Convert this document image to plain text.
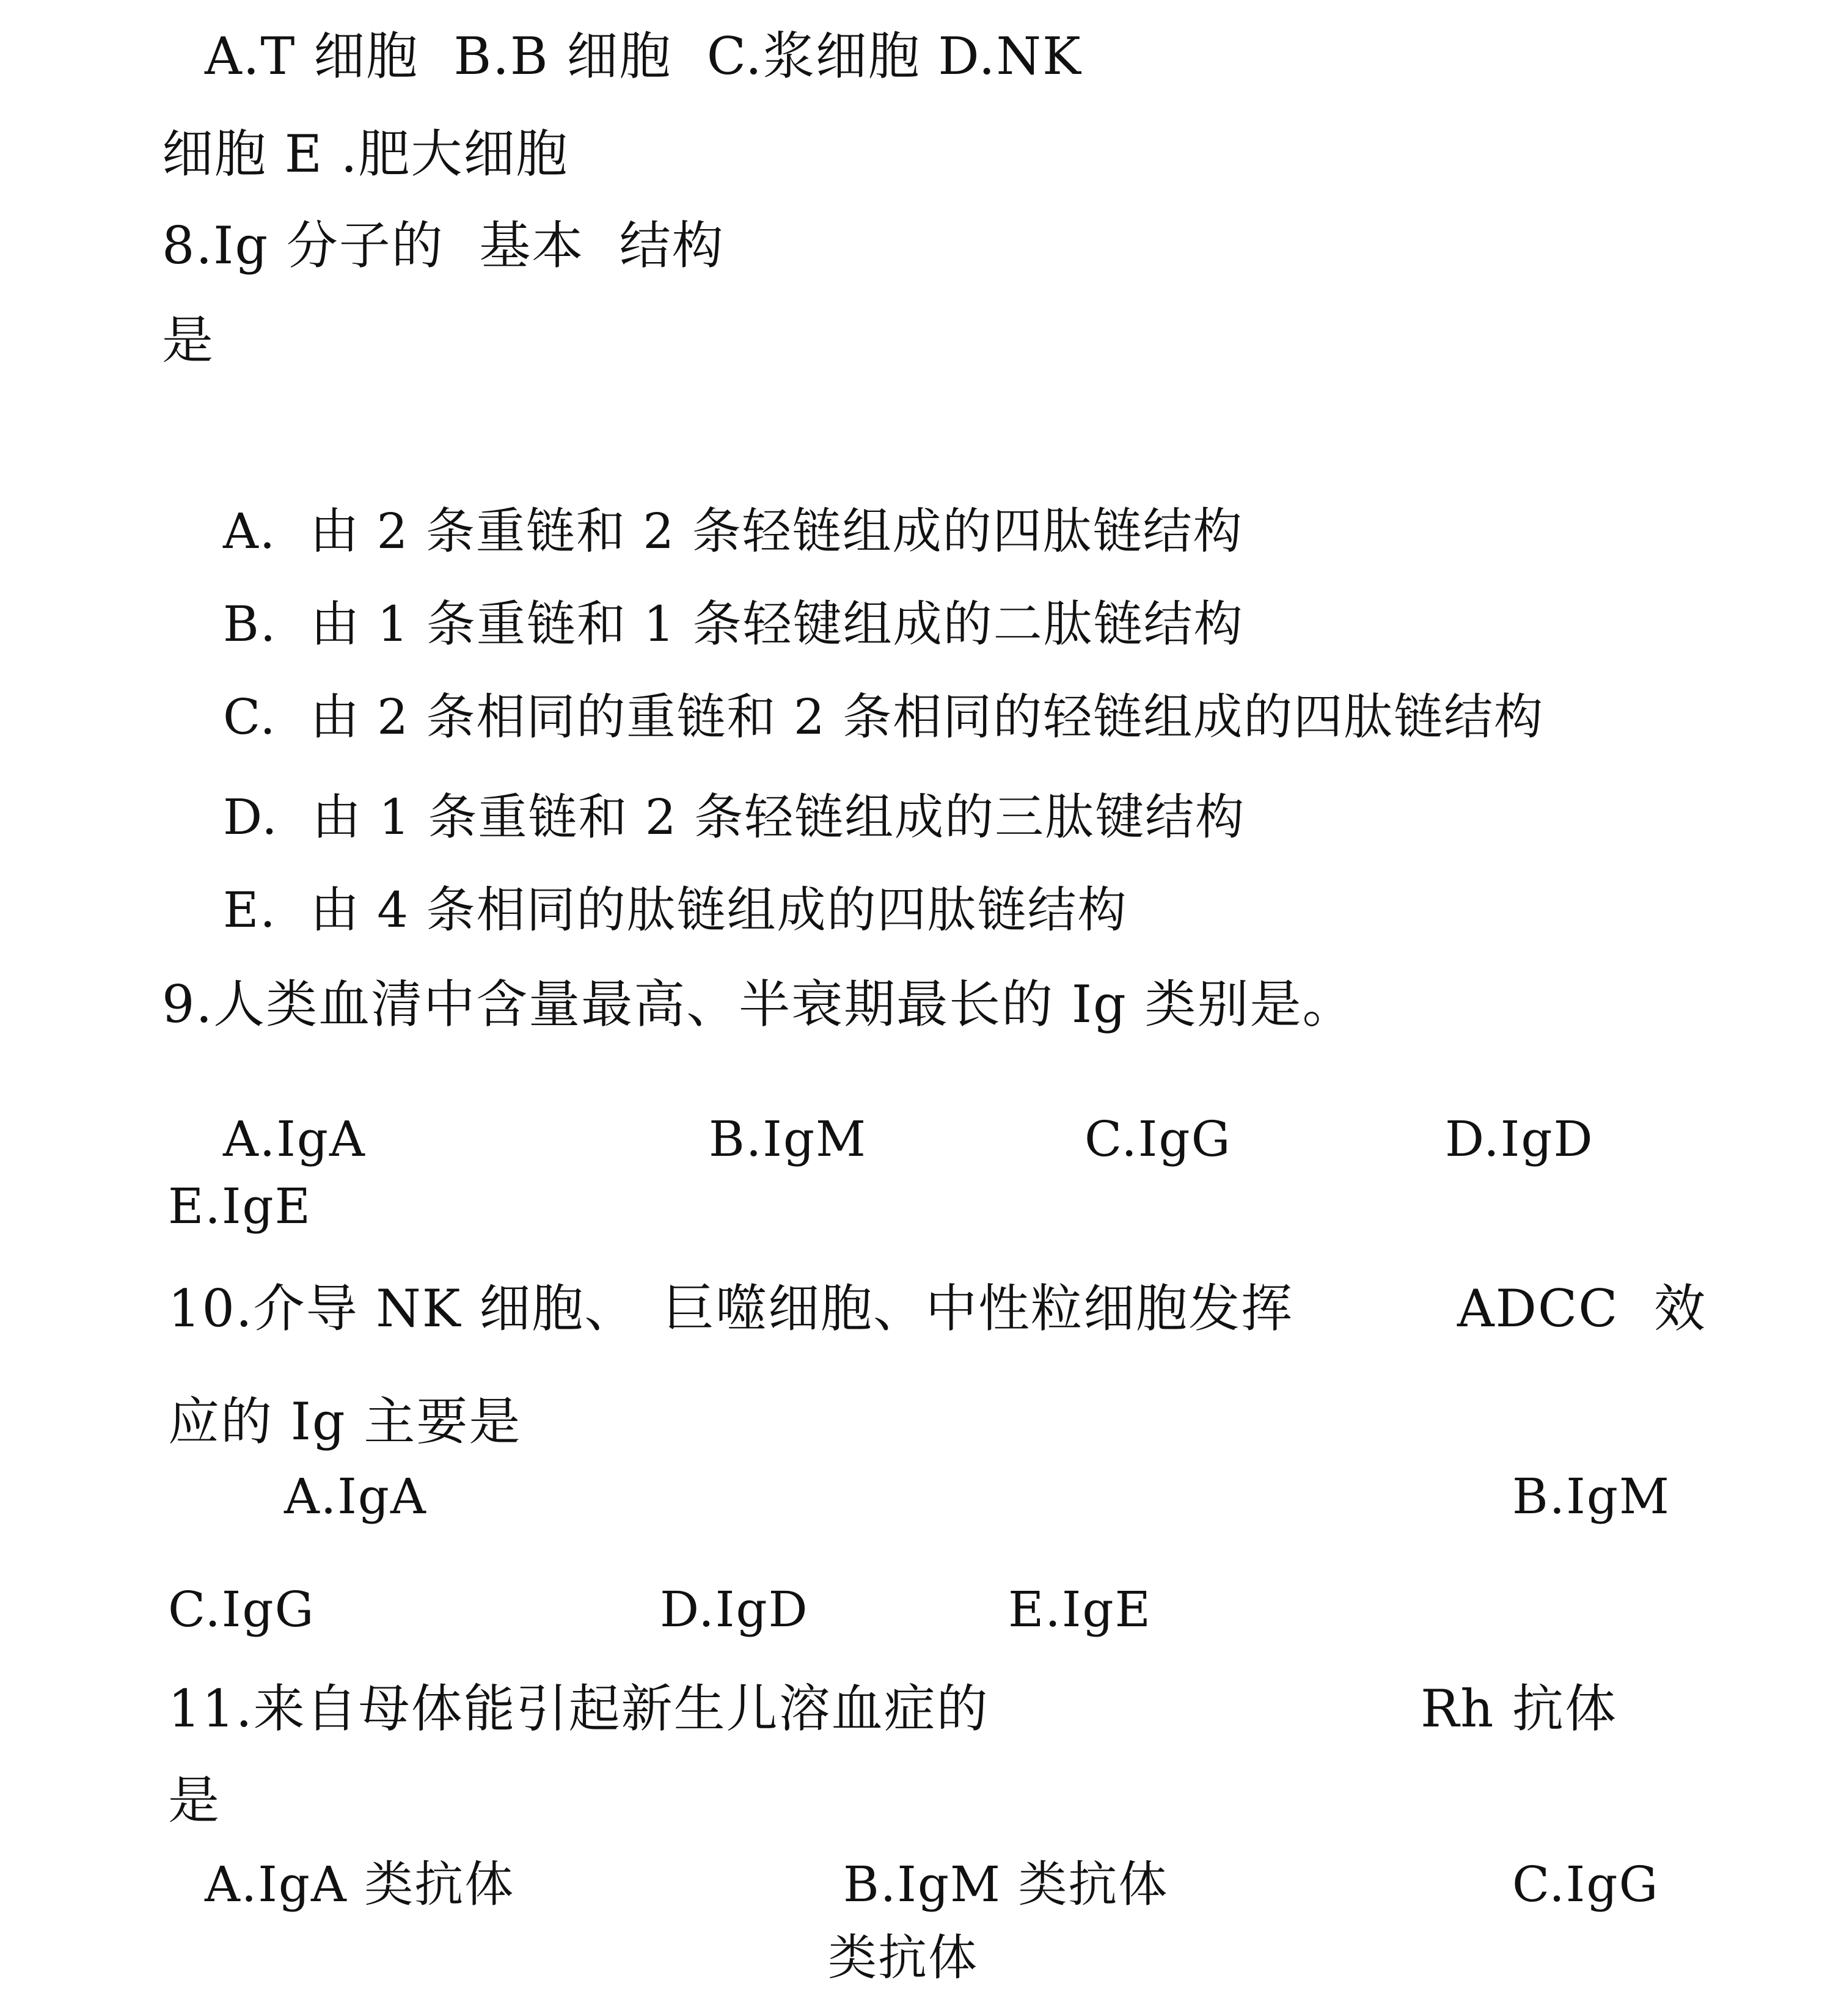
A.T 细胞  B.B 细胞  C.浆细胞 D.NK
细胞 E .肥大细胞
8.Ig 分子的  基本  结构
是
A.  由 2 条重链和 2 条轻链组成的四肽链结构
B.  由 1 条重链和 1 条轻键组成的二肽链结构
C.  由 2 条相同的重链和 2 条相同的轻链组成的四肽链结构
D.  由 1 条重链和 2 条轻链组成的三肽键结构
E.  由 4 条相同的肽链组成的四肽链结构
9.人类血清中含量最高、半衰期最长的 Ig 类别是。
A.IgA	B.IgM	C.IgG	D.IgD
E.IgE
10.介导 NK 细胞、 巨噬细胞、中性粒细胞发挥	ADCC  效
应的 Ig 主要是
A.IgA	B.IgM
C.IgG	D.IgD	E.IgE
11.来自母体能引起新生儿溶血症的	Rh 抗体
是
A.IgA 类抗体	B.IgM 类抗体	C.IgG
类抗体
